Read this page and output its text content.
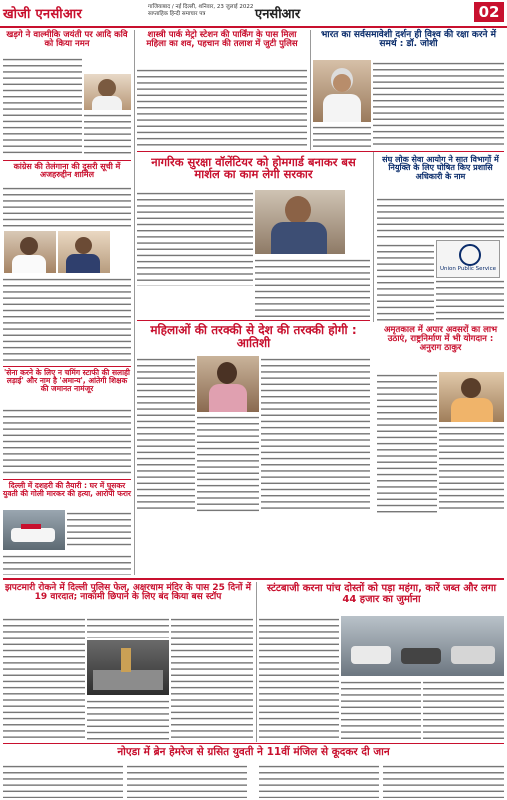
खोजी एनसीआर	गाजियाबाद / नई दिल्ली, शनिवार, 23 जुलाई 2022
साप्ताहिक हिन्दी समाचार पत्र	एनसीआर	02
खड़गे ने वाल्मीकि जयंती पर आदि कवि को किया नमन
कांग्रेस की तेलंगाना की दूसरी सूची में अजहरुद्दीन शामिल
'सेना करने के लिए न चमिंग स्टाफी की सलाही लड़ाई' और नाम है 'अमान्य', आंतेगी शिक्षक की जमानत नामंजूर
दिल्ली में दशहरी की तैयारी : घर में घुसकर युवती की गोली मारकर की हत्या, आरोपी फरार
शास्त्री पार्क मेट्रो स्टेशन की पार्किंग के पास मिला महिला का शव, पहचान की तलाश में जुटी पुलिस
भारत का सर्वसमावेशी दर्शन ही विश्व की रक्षा करने में समर्थ : डॉ. जोशी
नागरिक सुरक्षा वॉलेंटियर को होमगार्ड बनाकर बस मार्शल का काम लेगी सरकार
संघ लोक सेवा आयोग ने सात विभागों में नियुक्ति के लिए घोषित किए प्रशासि अधिकारी के नाम
Union Public Service
महिलाओं की तरक्की से देश की तरक्की होगी : आतिशी
अमृतकाल में अपार अवसरों का लाभ उठाएं, राष्ट्रनिर्माण में भी योगदान : अनुराग ठाकुर
झपटमारी रोकने में दिल्ली पुलिस फेल, अक्षरधाम मंदिर के पास 25 दिनों में 19 वारदात; नाकामी छिपाने के लिए बंद किया बस स्टॉप
स्टंटबाजी करना पांच दोस्तों को पड़ा महंगा, कारें जब्त और लगा 44 हजार का जुर्माना
नोएडा में ब्रेन हेमरेज से ग्रसित युवती ने 11वीं मंजिल से कूदकर दी जान
